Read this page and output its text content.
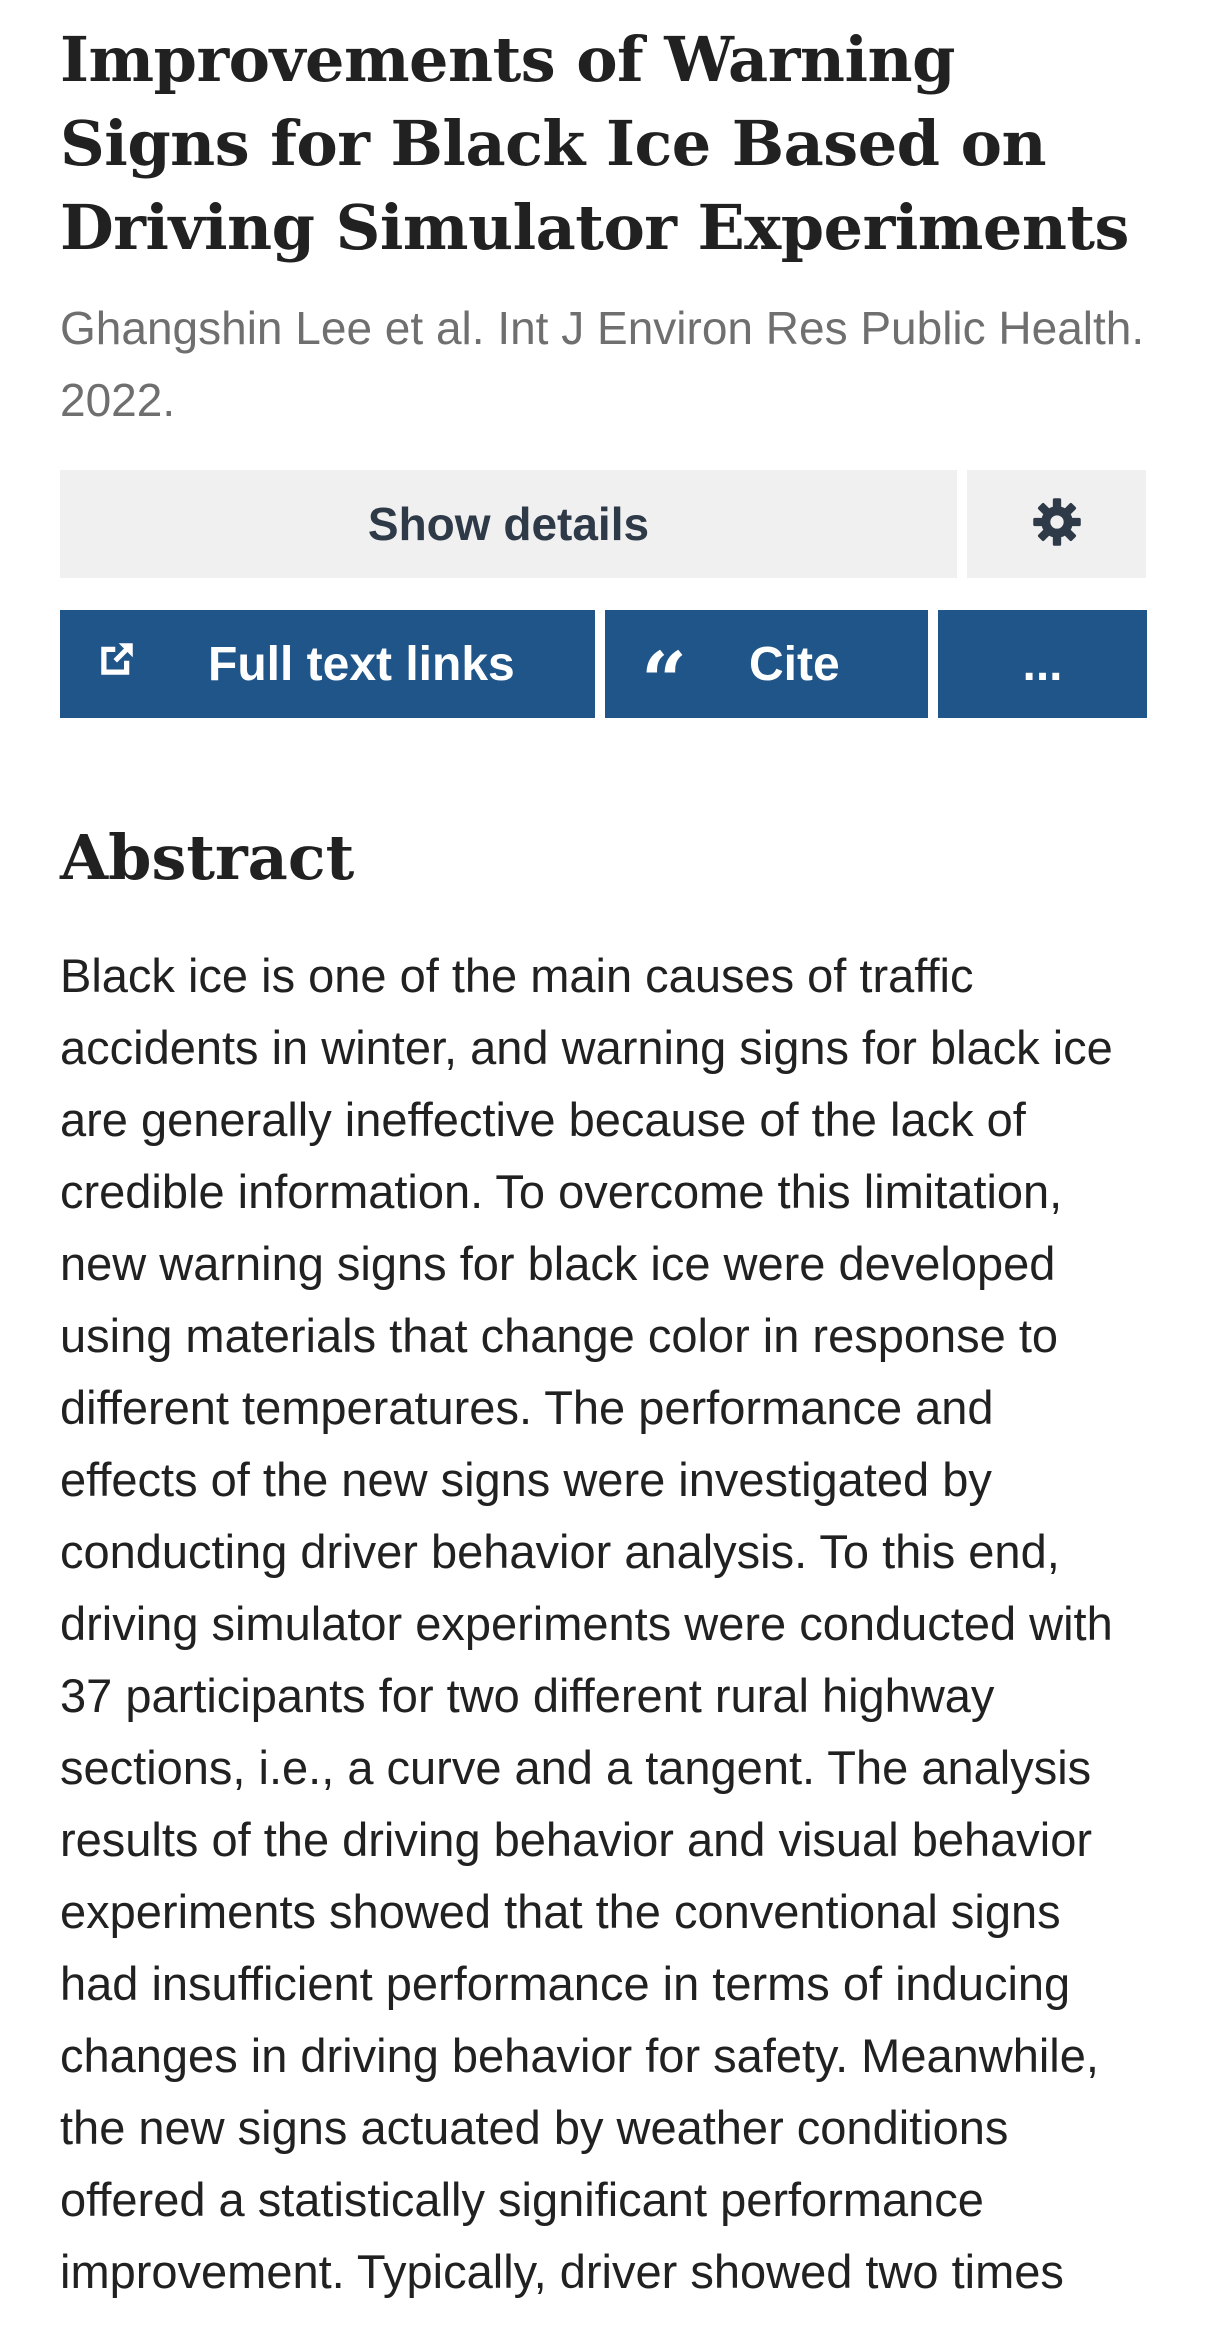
Improvements of Warning Signs for Black Ice Based on Driving Simulator Experiments
Ghangshin Lee et al. Int J Environ Res Public Health. 2022.
Show details
Full text links “ Cite	...
Abstract
Black ice is one of the main causes of traffic accidents in winter, and warning signs for black ice are generally ineffective because of the lack of credible information. To overcome this limitation, new warning signs for black ice were developed using materials that change color in response to different temperatures. The performance and effects of the new signs were investigated by conducting driver behavior analysis. To this end, driving simulator experiments were conducted with 37 participants for two different rural highway sections, i.e., a curve and a tangent. The analysis results of the driving behavior and visual behavior experiments showed that the conventional signs had insufficient performance in terms of inducing changes in driving behavior for safety. Meanwhile, the new signs actuated by weather conditions offered a statistically significant performance improvement. Typically, driver showed two times
